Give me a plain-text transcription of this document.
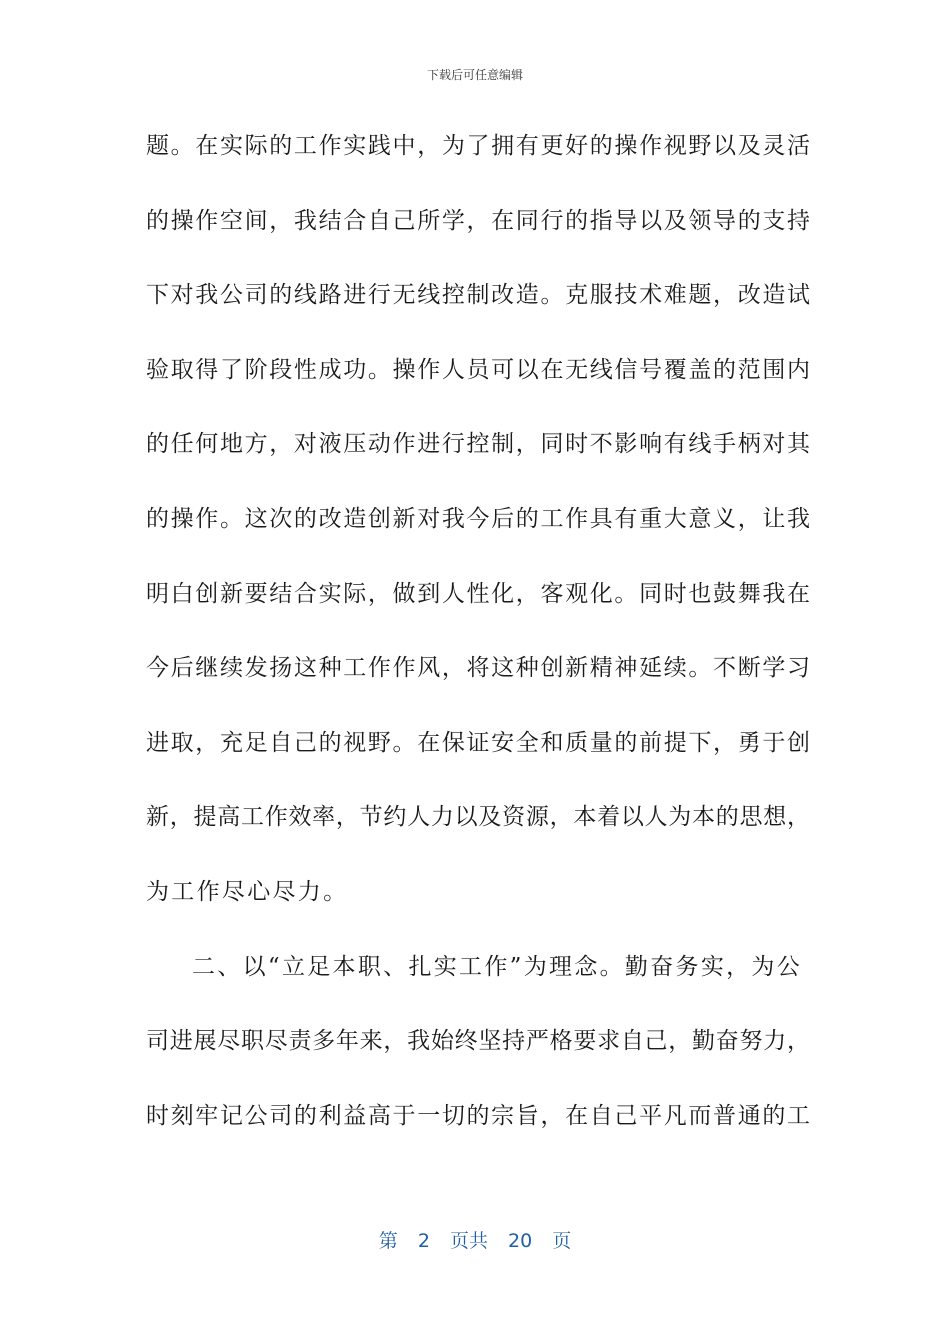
下载后可任意编辑
题。在实际的工作实践中，为了拥有更好的操作视野以及灵活
的操作空间，我结合自己所学，在同行的指导以及领导的支持
下对我公司的线路进行无线控制改造。克服技术难题，改造试
验取得了阶段性成功。操作人员可以在无线信号覆盖的范围内
的任何地方，对液压动作进行控制，同时不影响有线手柄对其
的操作。这次的改造创新对我今后的工作具有重大意义，让我
明白创新要结合实际，做到人性化，客观化。同时也鼓舞我在
今后继续发扬这种工作作风，将这种创新精神延续。不断学习
进取，充足自己的视野。在保证安全和质量的前提下，勇于创
新，提高工作效率，节约人力以及资源，本着以人为本的思想，
为工作尽心尽力。
二、以“立足本职、扎实工作”为理念。勤奋务实，为公
司进展尽职尽责多年来，我始终坚持严格要求自己，勤奋努力，
时刻牢记公司的利益高于一切的宗旨，在自己平凡而普通的工
第 2 页共 20 页
